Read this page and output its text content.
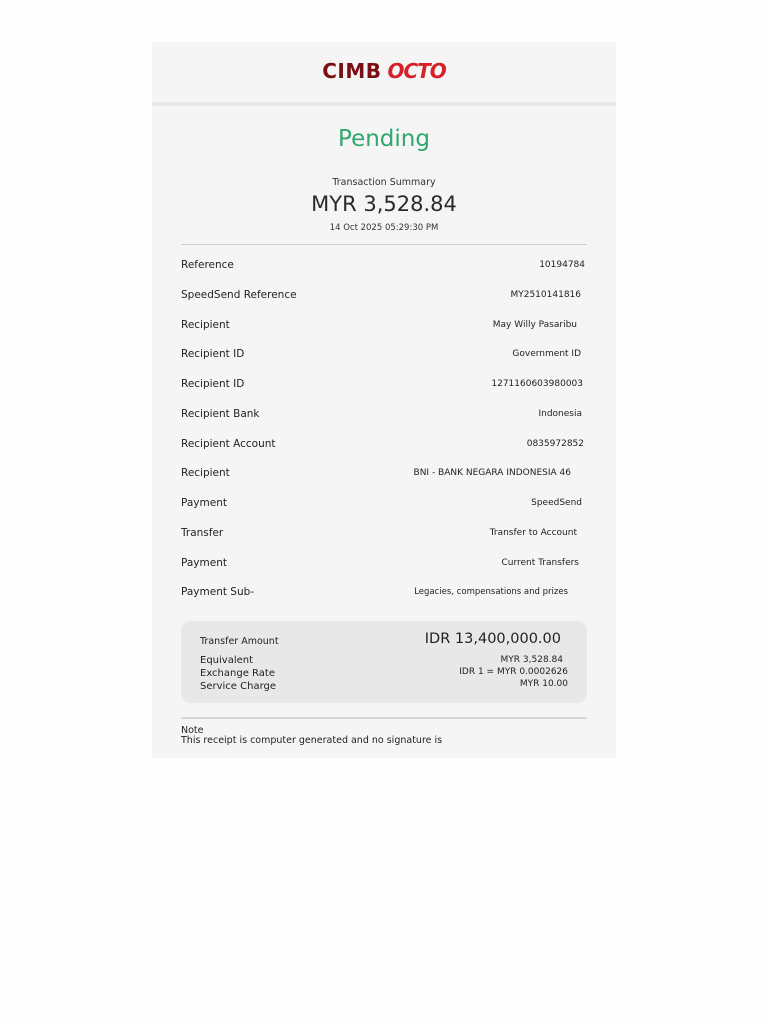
CIMB OCTO
Pending
Transaction Summary
MYR 3,528.84
14 Oct 2025 05:29:30 PM
Reference	10194784
SpeedSend Reference	MY2510141816
Recipient	May Willy Pasaribu
Recipient ID	Government ID
Recipient ID	1271160603980003
Recipient Bank	Indonesia
Recipient Account	0835972852
Recipient	BNI - BANK NEGARA INDONESIA 46
Payment	SpeedSend
Transfer	Transfer to Account
Payment	Current Transfers
Payment Sub-	Legacies, compensations and prizes
Transfer Amount	IDR 13,400,000.00
Equivalent	MYR 3,528.84
Exchange Rate	IDR 1 = MYR 0.0002626
Service Charge	MYR 10.00
Note
This receipt is computer generated and no signature is
